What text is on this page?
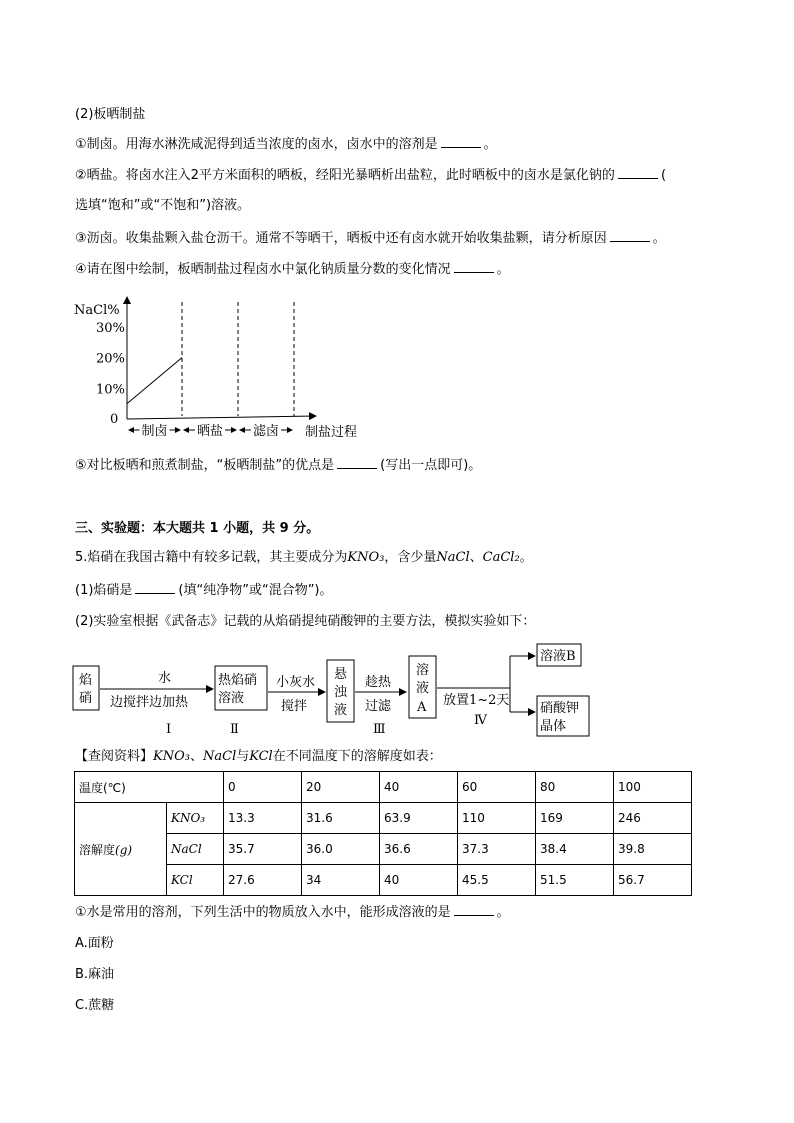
(2)板晒制盐
①制卤。用海水淋洗咸泥得到适当浓度的卤水，卤水中的溶剂是	。
②晒盐。将卤水注入2平方米面积的晒板，经阳光暴晒析出盐粒，此时晒板中的卤水是氯化钠的	(
选填“饱和”或“不饱和”)溶液。
③沥卤。收集盐颗入盐仓沥干。通常不等晒干，晒板中还有卤水就开始收集盐颗，请分析原因	。
④请在图中绘制，板晒制盐过程卤水中氯化钠质量分数的变化情况	。
NaCl%
30%
20%
10%
0
制卤 晒盐 滤卤 制盐过程
⑤对比板晒和煎煮制盐，“板晒制盐”的优点是	(写出一点即可)。
三、实验题：本大题共 1 小题，共 9 分。
5.焰硝在我国古籍中有较多记载，其主要成分为KNO₃，含少量NaCl、CaCl₂。
(1)焰硝是	(填“纯净物”或“混合物”)。
(2)实验室根据《武备志》记载的从焰硝提纯硝酸钾的主要方法，模拟实验如下：
焰
硝
水
边搅拌边加热
Ⅰ
热焰硝
溶液
Ⅱ
小灰水
搅拌
悬
浊
液
趁热
过滤
Ⅲ
溶
液
A 放置1~2天
Ⅳ
溶液B
硝酸钾
晶体
【查阅资料】KNO₃、NaCl与KCl在不同温度下的溶解度如表：
温度(℃)		0	20	40	60	80	100
溶解度(g)	KNO₃	13.3	31.6	63.9	110	169	246
	NaCl	35.7	36.0	36.6	37.3	38.4	39.8
	KCl	27.6	34	40	45.5	51.5	56.7
①水是常用的溶剂，下列生活中的物质放入水中，能形成溶液的是	。
A.面粉
B.麻油
C.蔗糖
